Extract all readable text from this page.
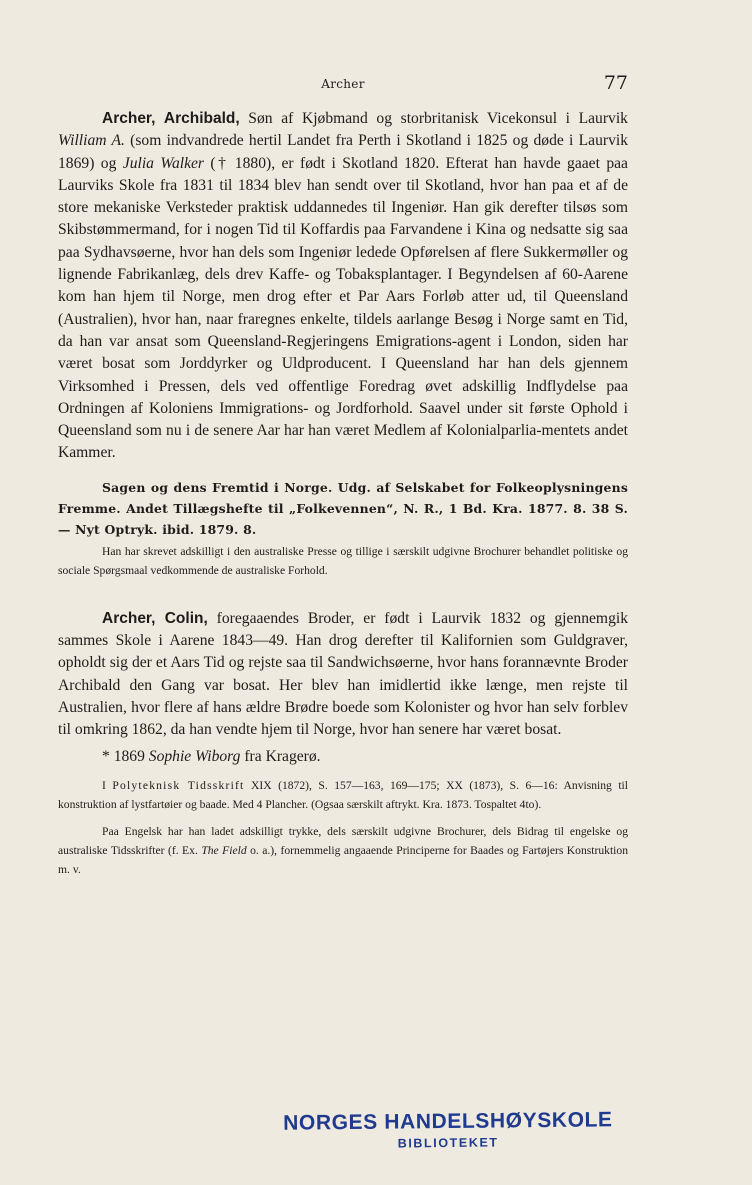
Archer	77

Archer, Archibald, Søn af Kjøbmand og storbritanisk Vicekonsul i Laurvik William A. (som indvandrede hertil Landet fra Perth i Skotland i 1825 og døde i Laurvik 1869) og Julia Walker († 1880), er født i Skotland 1820. Efterat han havde gaaet paa Laurviks Skole fra 1831 til 1834 blev han sendt over til Skotland, hvor han paa et af de store mekaniske Verksteder praktisk uddannedes til Ingeniør. Han gik derefter tilsøs som Skibstømmermand, for i nogen Tid til Koffardis paa Farvandene i Kina og nedsatte sig saa paa Sydhavsøerne, hvor han dels som Ingeniør ledede Opførelsen af flere Sukkermøller og lignende Fabrikanlæg, dels drev Kaffe- og Tobaksplantager. I Begyndelsen af 60-Aarene kom han hjem til Norge, men drog efter et Par Aars Forløb atter ud, til Queensland (Australien), hvor han, naar fraregnes enkelte, tildels aarlange Besøg i Norge samt en Tid, da han var ansat som Queensland-Regjeringens Emigrations-agent i London, siden har været bosat som Jorddyrker og Uldproducent. I Queensland har han dels gjennem Virksomhed i Pressen, dels ved offentlige Foredrag øvet adskillig Indflydelse paa Ordningen af Koloniens Immigrations- og Jordforhold. Saavel under sit første Ophold i Queensland som nu i de senere Aar har han været Medlem af Kolonialparlia-mentets andet Kammer.

Sagen og dens Fremtid i Norge. Udg. af Selskabet for Folkeoplysningens Fremme. Andet Tillægshefte til „Folkevennen“, N. R., 1 Bd. Kra. 1877. 8. 38 S. — Nyt Optryk. ibid. 1879. 8.

Han har skrevet adskilligt i den australiske Presse og tillige i særskilt udgivne Brochurer behandlet politiske og sociale Spørgsmaal vedkommende de australiske Forhold.

Archer, Colin, foregaaendes Broder, er født i Laurvik 1832 og gjennemgik sammes Skole i Aarene 1843—49. Han drog derefter til Kalifornien som Guldgraver, opholdt sig der et Aars Tid og rejste saa til Sandwichsøerne, hvor hans forannævnte Broder Archibald den Gang var bosat. Her blev han imidlertid ikke længe, men rejste til Australien, hvor flere af hans ældre Brødre boede som Kolonister og hvor han selv forblev til omkring 1862, da han vendte hjem til Norge, hvor han senere har været bosat.

* 1869 Sophie Wiborg fra Kragerø.

I Polyteknisk Tidsskrift XIX (1872), S. 157—163, 169—175; XX (1873), S. 6—16: Anvisning til konstruktion af lystfartøier og baade. Med 4 Plancher. (Ogsaa særskilt aftrykt. Kra. 1873. Tospaltet 4to).

Paa Engelsk har han ladet adskilligt trykke, dels særskilt udgivne Brochurer, dels Bidrag til engelske og australiske Tidsskrifter (f. Ex. The Field o. a.), fornemmelig angaaende Principerne for Baades og Fartøjers Konstruktion m. v.

NORGES HANDELSHØYSKOLE
BIBLIOTEKET
